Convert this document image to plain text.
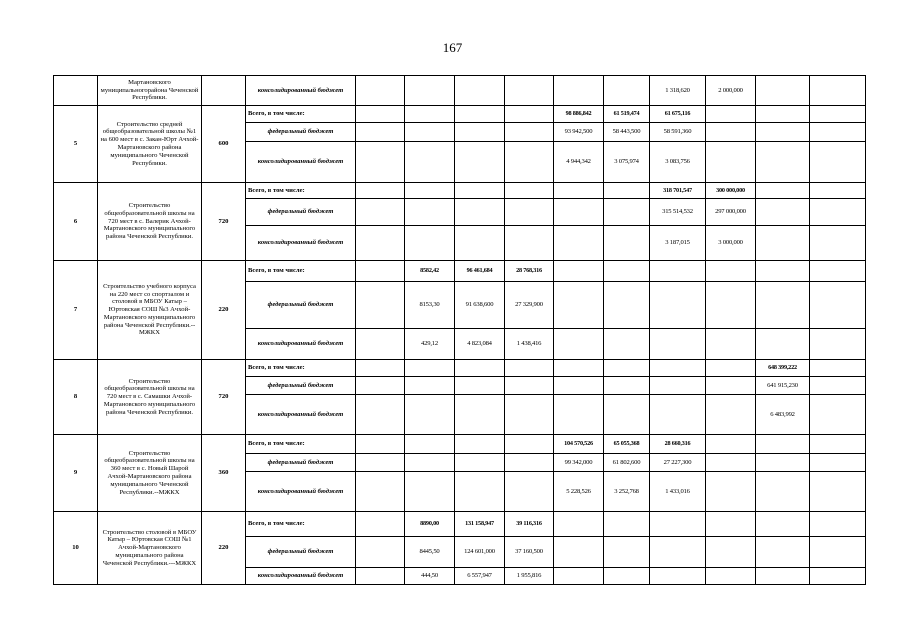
167
	Мартановского муниципальногорайона Чеченской Республики.		консолидированный бюджет							1 318,620	2 000,000		
5	Строительство средней общеобразовательной школы №1 на 600 мест в с. Закан-Юрт Ачхой-Мартановского района муниципального Чеченской Республики.	600	Всего, в том числе:					98 886,842	61 519,474	61 675,116			
			федеральный бюджет					93 942,500	58 443,500	58 591,360			
			консолидированный бюджет					4 944,342	3 075,974	3 083,756			
6	Строительство общеобразовательной школы на 720 мест в с. Валерик Ачхой-Мартановского муниципального района Чеченской Республики.	720	Всего, в том числе:							318 701,547	300 000,000		
			федеральный бюджет							315 514,532	297 000,000		
			консолидированный бюджет							3 187,015	3 000,000		
7	Строительство учебного корпуса на 220 мест со спортзалом и столовой в МБОУ Катыр – Юртовская СОШ №3 Ачхой-Мартановского муниципального района Чеченской Республики.--МЖКХ	220	Всего, в том числе:		8582,42	96 461,684	28 768,316						
			федеральный бюджет		8153,30	91 638,600	27 329,900						
			консолидированный бюджет		429,12	4 823,084	1 438,416						
8	Строительство общеобразовательной школы на 720 мест в с. Самашки Ачхой-Мартановского муниципального района Чеченской Республики.	720	Всего, в том числе:									648 399,222	
			федеральный бюджет									641 915,230	
			консолидированный бюджет									6 483,992	
9	Строительство общеобразовательной школы на 360 мест в с. Новый Шарой Ачхой-Мартановского района муниципального Чеченской Республики.--МЖКХ	360	Всего, в том числе:					104 570,526	65 055,368	28 660,316			
			федеральный бюджет					99 342,000	61 802,600	27 227,300			
			консолидированный бюджет					5 228,526	3 252,768	1 433,016			
10	Строительство столовой в МБОУ Катыр – Юртовская СОШ №1 Ачхой-Мартановского муниципального района Чеченской Республики.---МЖКХ	220	Всего, в том числе:		8890,00	131 158,947	39 116,316						
			федеральный бюджет		8445,50	124 601,000	37 160,500						
			консолидированный бюджет		444,50	6 557,947	1 955,816						
